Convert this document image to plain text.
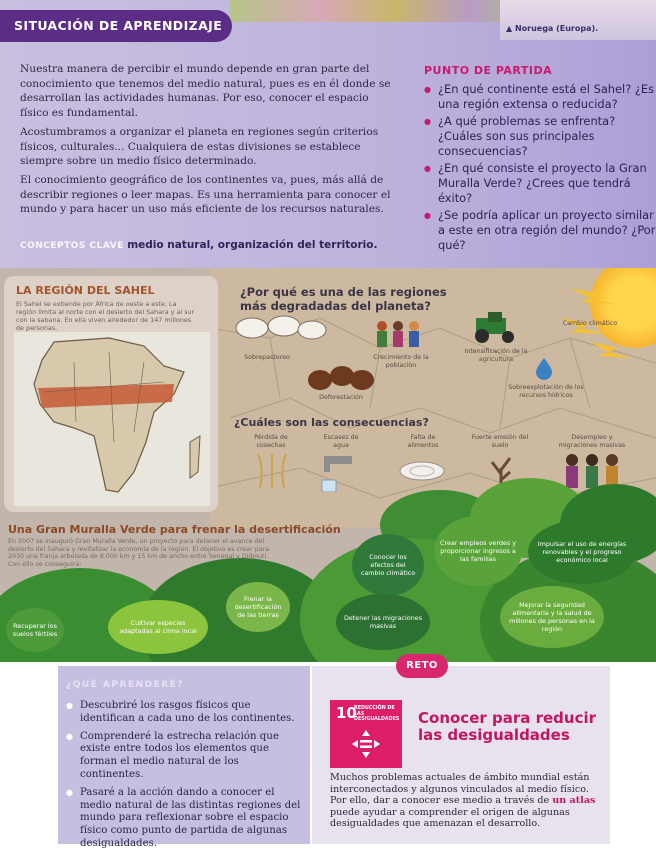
SITUACIÓN DE APRENDIZAJE	▲ Noruega (Europa).

Nuestra manera de percibir el mundo depende en gran parte del conocimiento que tenemos del medio natural, pues es en él donde se desarrollan las actividades humanas. Por eso, conocer el espacio físico es fundamental.

Acostumbramos a organizar el planeta en regiones según criterios físicos, culturales... Cualquiera de estas divisiones se establece siempre sobre un medio físico determinado.

El conocimiento geográfico de los continentes va, pues, más allá de describir regiones o leer mapas. Es una herramienta para conocer el mundo y para hacer un uso más eficiente de los recursos naturales.

CONCEPTOS CLAVE medio natural, organización del territorio.
PUNTO DE PARTIDA
● ¿En qué continente está el Sahel? ¿Es una región extensa o reducida?
● ¿A qué problemas se enfrenta? ¿Cuáles son sus principales consecuencias?
● ¿En qué consiste el proyecto la Gran Muralla Verde? ¿Crees que tendrá éxito?
● ¿Se podría aplicar un proyecto similar a este en otra región del mundo? ¿Por qué?
LA REGIÓN DEL SAHEL
El Sahel se extiende por África de oeste a este. La región limita al norte con el desierto del Sahara y al sur con la sabana. En ella viven alrededor de 147 millones de personas.
¿Por qué es una de las regiones más degradadas del planeta?
Sobrepastoreo	Crecimiento de la población
Intensificación de la agricultura
Cambio climático
Deforestación
Sobreexplotación de los recursos hídricos
¿Cuáles son las consecuencias?
Pérdida de cosechas
Escasez de agua
Falta de alimentos
Fuerte erosión del suelo
Desempleo y migraciones masivas
Una Gran Muralla Verde para frenar la desertificación
En 2007 se inauguró Gran Muralla Verde, un proyecto para detener el avance del desierto del Sahara y revitalizar la economía de la región. El objetivo es crear para 2030 una franja arbolada de 8.000 km y 15 km de ancho entre Senegal y Djibouti. Con ello se conseguirá:
Frenar la desertificación de las tierras
Cultivar especies adaptadas al clima local
Conocer los efectos del cambio climático
Crear empleos verdes y proporcionar ingresos a las familias
Detener las migraciones masivas
Impulsar el uso de energías renovables y el progreso económico local
Mejorar la seguridad alimentaria y la salud de millones de personas en la región
Recuperar los suelos fértiles
¿QUÉ APRENDERÉ?
● Descubriré los rasgos físicos que identifican a cada uno de los continentes.
● Comprenderé la estrecha relación que existe entre todos los elementos que forman el medio natural de los continentes.
● Pasaré a la acción dando a conocer el medio natural de las distintas regiones del mundo para reflexionar sobre el espacio físico como punto de partida de algunas desigualdades.
RETO
10
REDUCCIÓN DE LAS DESIGUALDADES Conocer para reducir las desigualdades

Muchos problemas actuales de ámbito mundial están interconectados y algunos vinculados al medio físico. Por ello, dar a conocer ese medio a través de un atlas puede ayudar a comprender el origen de algunas desigualdades que amenazan el desarrollo.
